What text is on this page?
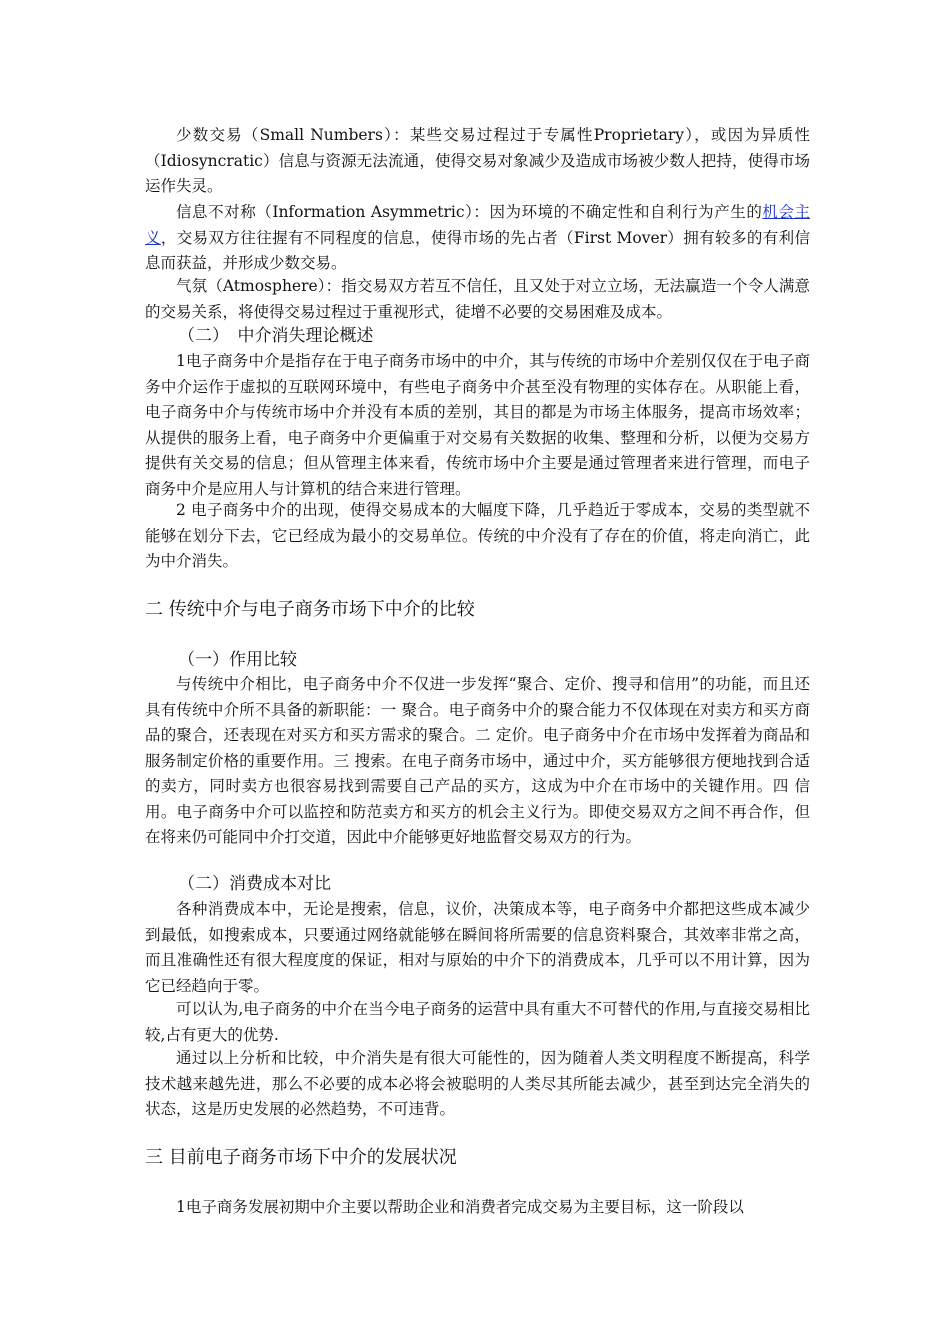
少数交易（Small Numbers）：某些交易过程过于专属性Proprietary），或因为异质性（Idiosyncratic）信息与资源无法流通，使得交易对象减少及造成市场被少数人把持，使得市场运作失灵。

信息不对称（Information Asymmetric）：因为环境的不确定性和自利行为产生的机会主义，交易双方往往握有不同程度的信息，使得市场的先占者（First Mover）拥有较多的有利信息而获益，并形成少数交易。

气氛（Atmosphere）：指交易双方若互不信任，且又处于对立立场，无法赢造一个令人满意的交易关系，将使得交易过程过于重视形式，徒增不必要的交易困难及成本。

（二）　中介消失理论概述

1电子商务中介是指存在于电子商务市场中的中介，其与传统的市场中介差别仅仅在于电子商务中介运作于虚拟的互联网环境中，有些电子商务中介甚至没有物理的实体存在。从职能上看，电子商务中介与传统市场中介并没有本质的差别，其目的都是为市场主体服务，提高市场效率；从提供的服务上看，电子商务中介更偏重于对交易有关数据的收集、整理和分析，以便为交易方提供有关交易的信息；但从管理主体来看，传统市场中介主要是通过管理者来进行管理，而电子商务中介是应用人与计算机的结合来进行管理。

2 电子商务中介的出现，使得交易成本的大幅度下降，几乎趋近于零成本，交易的类型就不能够在划分下去，它已经成为最小的交易单位。传统的中介没有了存在的价值，将走向消亡，此为中介消失。

二 传统中介与电子商务市场下中介的比较
（一）作用比较

与传统中介相比，电子商务中介不仅进一步发挥“聚合、定价、搜寻和信用”的功能，而且还具有传统中介所不具备的新职能：一 聚合。电子商务中介的聚合能力不仅体现在对卖方和买方商品的聚合，还表现在对买方和买方需求的聚合。二 定价。电子商务中介在市场中发挥着为商品和服务制定价格的重要作用。三 搜索。在电子商务市场中，通过中介，买方能够很方便地找到合适的卖方，同时卖方也很容易找到需要自己产品的买方，这成为中介在市场中的关键作用。四 信用。电子商务中介可以监控和防范卖方和买方的机会主义行为。即使交易双方之间不再合作，但在将来仍可能同中介打交道，因此中介能够更好地监督交易双方的行为。

（二）消费成本对比

各种消费成本中，无论是搜索，信息，议价，决策成本等，电子商务中介都把这些成本减少到最低，如搜索成本，只要通过网络就能够在瞬间将所需要的信息资料聚合，其效率非常之高，而且准确性还有很大程度度的保证，相对与原始的中介下的消费成本，几乎可以不用计算，因为它已经趋向于零。

可以认为,电子商务的中介在当今电子商务的运营中具有重大不可替代的作用,与直接交易相比较,占有更大的优势.

通过以上分析和比较，中介消失是有很大可能性的，因为随着人类文明程度不断提高，科学技术越来越先进，那么不必要的成本必将会被聪明的人类尽其所能去减少，甚至到达完全消失的状态，这是历史发展的必然趋势，不可违背。

三 目前电子商务市场下中介的发展状况

1电子商务发展初期中介主要以帮助企业和消费者完成交易为主要目标，这一阶段以
